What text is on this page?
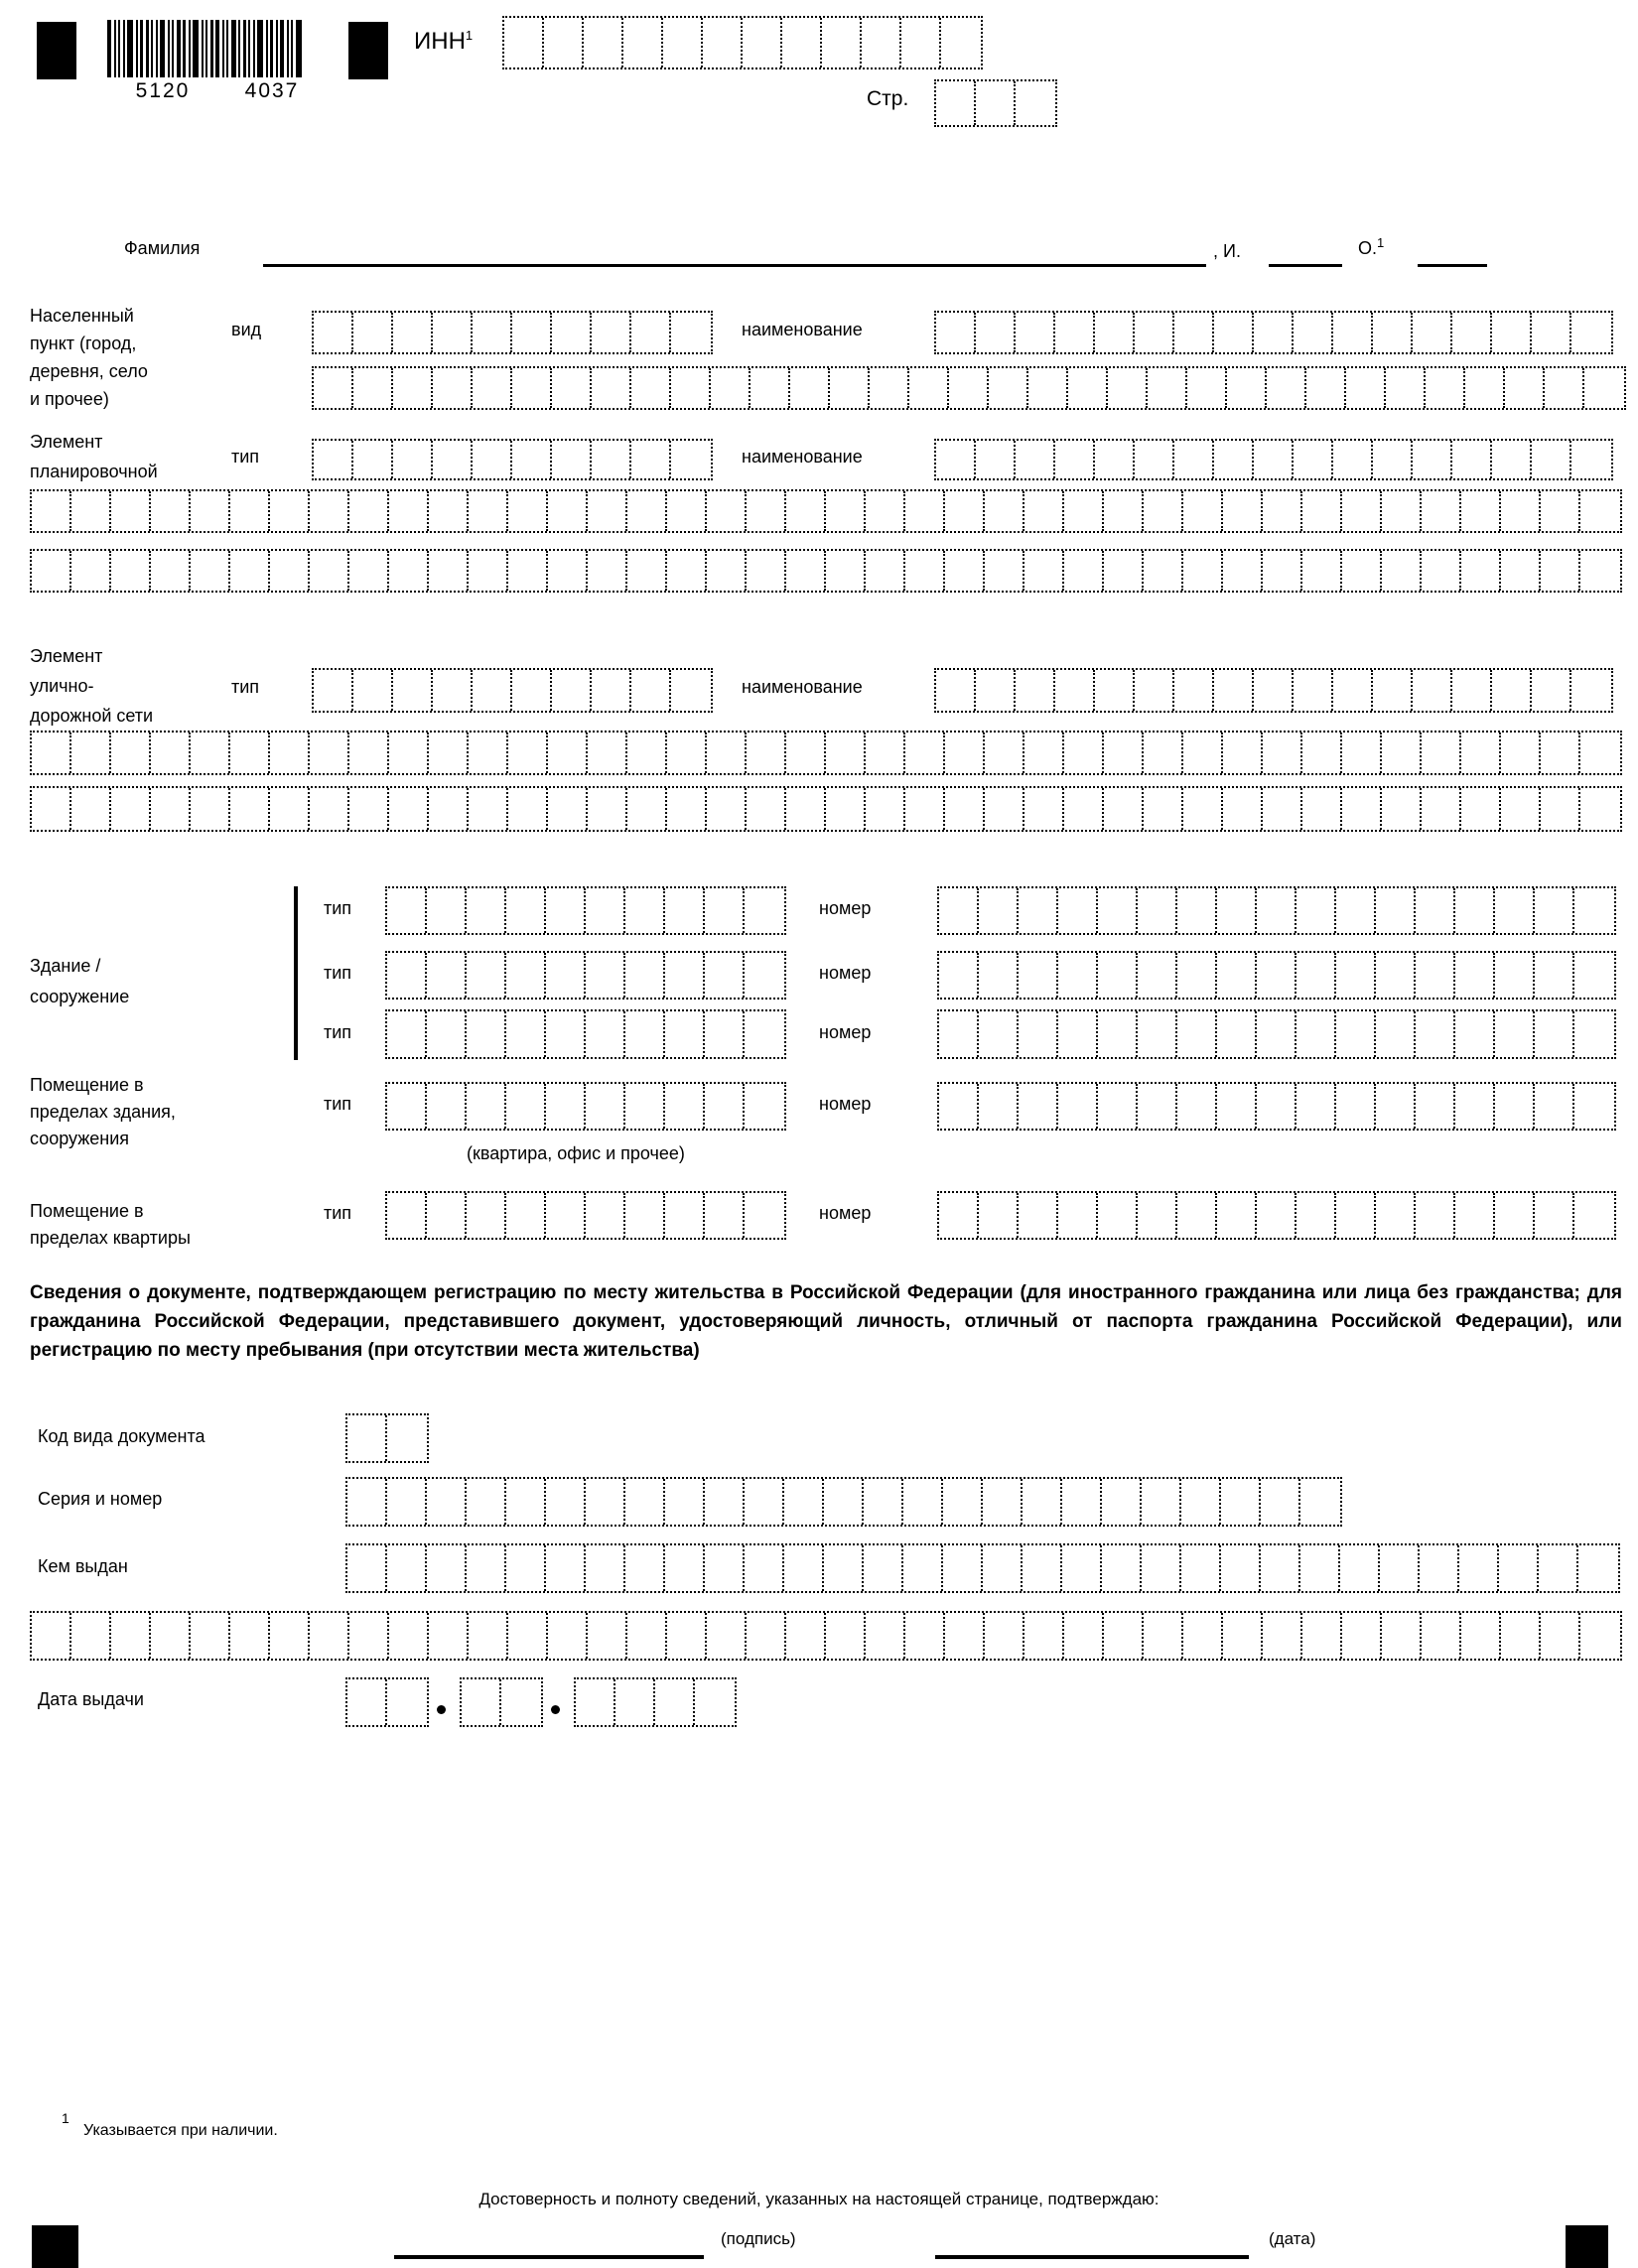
5120	4037
ИНН$^1$
Стр.
Фамилия	, И.	О.$^1$
Населенный
пункт (город,
деревня, село
и прочее)
вид	наименование
Элемент
планировочной
тип	наименование
Элемент
улично-
дорожной сети
тип	наименование
Здание /
сооружение
тип	номер
тип	номер
тип	номер
Помещение в
пределах здания,
сооружения
тип	номер
(квартира, офис и прочее)
Помещение в
пределах квартиры
тип	номер
Сведения о документе, подтверждающем регистрацию по месту жительства в Российской Федерации (для иностранного гражданина или лица без гражданства; для гражданина Российской Федерации, представившего документ, удостоверяющий личность, отличный от паспорта гражданина Российской Федерации), или регистрацию по месту пребывания (при отсутствии места жительства)
Код вида документа
Серия и номер
Кем выдан
Дата выдачи
1
Указывается при наличии.
Достоверность и полноту сведений, указанных на настоящей странице, подтверждаю:
(подпись)	(дата)
